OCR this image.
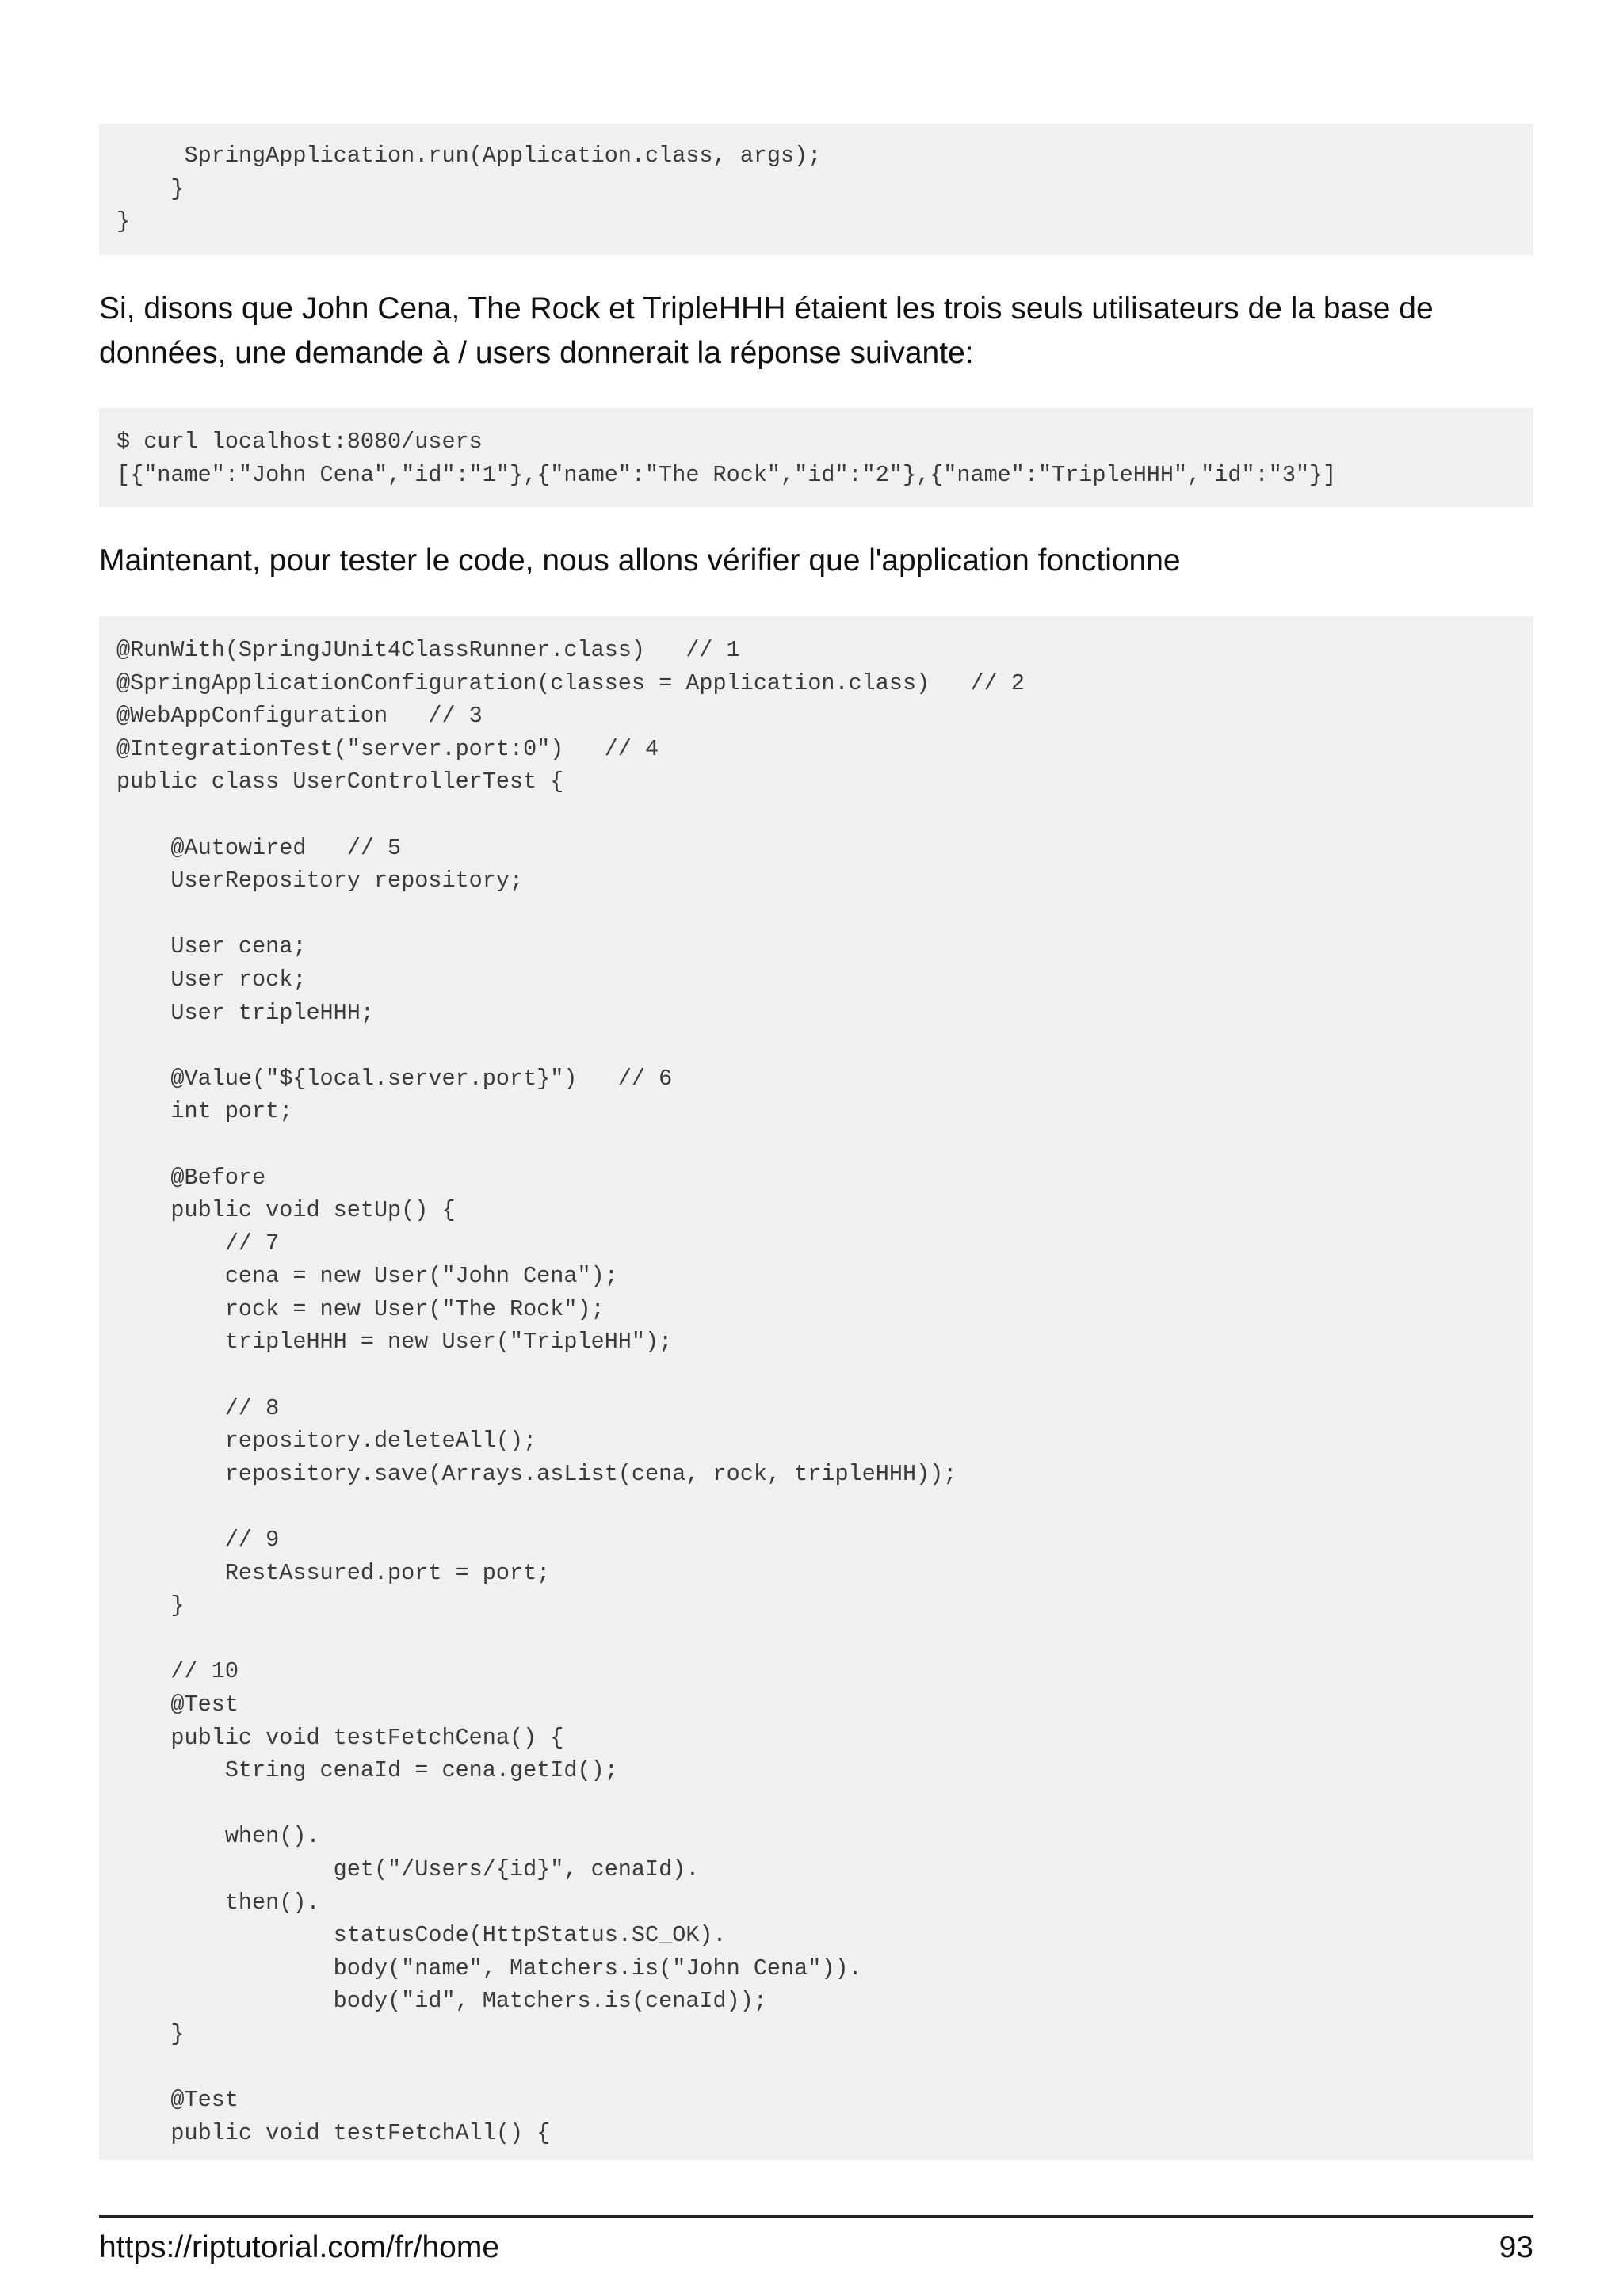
SpringApplication.run(Application.class, args);
}
}

Si, disons que John Cena, The Rock et TripleHHH étaient les trois seuls utilisateurs de la base de données, une demande à / users donnerait la réponse suivante:

$ curl localhost:8080/users
[{"name":"John Cena","id":"1"},{"name":"The Rock","id":"2"},{"name":"TripleHHH","id":"3"}]

Maintenant, pour tester le code, nous allons vérifier que l'application fonctionne

@RunWith(SpringJUnit4ClassRunner.class)   // 1
@SpringApplicationConfiguration(classes = Application.class)   // 2
@WebAppConfiguration   // 3
@IntegrationTest("server.port:0")   // 4
public class UserControllerTest {
@Autowired   // 5
UserRepository repository;
User cena;
User rock;
User tripleHHH;
@Value("${local.server.port}")   // 6
int port;
@Before
public void setUp() {
// 7
cena = new User("John Cena");
rock = new User("The Rock");
tripleHHH = new User("TripleHH");
// 8
repository.deleteAll();
repository.save(Arrays.asList(cena, rock, tripleHHH));
// 9
RestAssured.port = port;
}
// 10
@Test
public void testFetchCena() {
String cenaId = cena.getId();
when().
get("/Users/{id}", cenaId).
then().
statusCode(HttpStatus.SC_OK).
body("name", Matchers.is("John Cena")).
body("id", Matchers.is(cenaId));
}
@Test
public void testFetchAll() {
https://riptutorial.com/fr/home	93
